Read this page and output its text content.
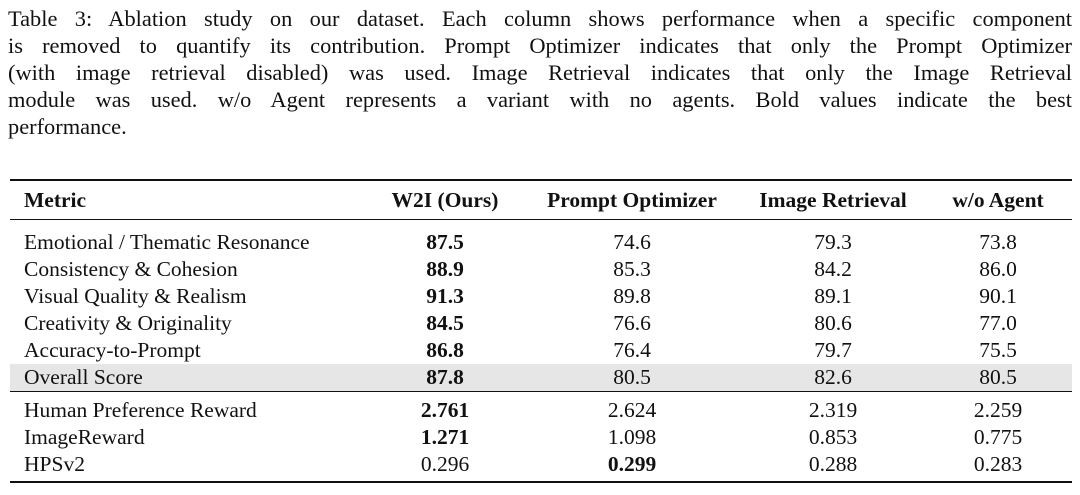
Table 3: Ablation study on our dataset. Each column shows performance when a specific component
is removed to quantify its contribution. Prompt Optimizer indicates that only the Prompt Optimizer
(with image retrieval disabled) was used. Image Retrieval indicates that only the Image Retrieval
module was used. w/o Agent represents a variant with no agents. Bold values indicate the best
performance.
Metric	W2I (Ours)	Prompt Optimizer	Image Retrieval	w/o Agent
Emotional / Thematic Resonance	87.5	74.6	79.3	73.8
Consistency & Cohesion	88.9	85.3	84.2	86.0
Visual Quality & Realism	91.3	89.8	89.1	90.1
Creativity & Originality	84.5	76.6	80.6	77.0
Accuracy-to-Prompt	86.8	76.4	79.7	75.5
Overall Score	87.8	80.5	82.6	80.5
Human Preference Reward	2.761	2.624	2.319	2.259
ImageReward	1.271	1.098	0.853	0.775
HPSv2	0.296	0.299	0.288	0.283
